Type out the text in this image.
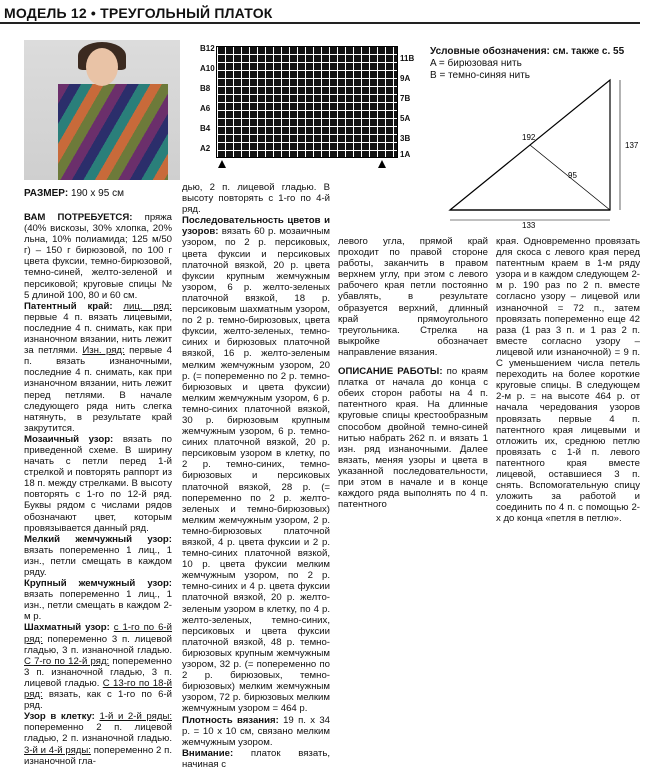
МОДЕЛЬ 12 • ТРЕУГОЛЬНЫЙ ПЛАТОК
B12
A10
B8
A6
B4
A2
11B
9A
7B
5A
3B
1A
Условные обозначения: см. также с. 55
A = бирюзовая нить
B = темно-синяя нить
192
137
95
133
РАЗМЕР: 190 x 95 см

ВАМ ПОТРЕБУЕТСЯ: пряжа (40% вискозы, 30% хлопка, 20% льна, 10% полиамида; 125 м/50 г) – 150 г бирюзовой, по 100 г цвета фуксии, темно-бирюзовой, темно-синей, желто-зеленой и персиковой; круговые спицы № 5 длиной 100, 80 и 60 см.

Патентный край: лиц. ряд: первые 4 п. вязать лицевыми, последние 4 п. снимать, как при изнаночном вязании, нить лежит за петлями. Изн. ряд: первые 4 п. вязать изнаночными, последние 4 п. снимать, как при изнаночном вязании, нить лежит перед петлями. В начале следующего ряда нить слегка натянуть, в результате край закрутится.

Мозаичный узор: вязать по приведенной схеме. В ширину начать с петли перед 1-й стрелкой и повторять раппорт из 18 п. между стрелками. В высоту повторять с 1-го по 12-й ряд. Буквы рядом с числами рядов обозначают цвет, которым провязывается данный ряд.

Мелкий жемчужный узор: вязать попеременно 1 лиц., 1 изн., петли смещать в каждом ряду.

Крупный жемчужный узор: вязать попеременно 1 лиц., 1 изн., петли смещать в каждом 2-м р.

Шахматный узор: с 1-го по 6-й ряд: попеременно 3 п. лицевой гладью, 3 п. изнаночной гладью. С 7-го по 12-й ряд: попеременно 3 п. изнаночной гладью, 3 п. лицевой гладью. С 13-го по 18-й ряд: вязать, как с 1-го по 6-й ряд.

Узор в клетку: 1-й и 2-й ряды: попеременно 2 п. лицевой гладью, 2 п. изнаночной гладью. 3-й и 4-й ряды: попеременно 2 п. изнаночной гла-

дью, 2 п. лицевой гладью. В высоту повторять с 1-го по 4-й ряд.

Последовательность цветов и узоров: вязать 60 р. мозаичным узором, по 2 р. персиковых, цвета фуксии и персиковых платочной вязкой, 20 р. цвета фуксии крупным жемчужным узором, 6 р. желто-зеленых платочной вязкой, 18 р. персиковым шахматным узором, по 2 р. темно-бирюзовых, цвета фуксии, желто-зеленых, темно-синих и бирюзовых платочной вязкой, 16 р. желто-зеленым мелким жемчужным узором, 20 р. (= попеременно по 2 р. темно-бирюзовых и цвета фуксии) мелким жемчужным узором, 6 р. темно-синих платочной вязкой, 30 р. бирюзовым крупным жемчужным узором, 6 р. темно-синих платочной вязкой, 20 р. персиковым узором в клетку, по 2 р. темно-синих, темно-бирюзовых и персиковых платочной вязкой, 28 р. (= попеременно по 2 р. желто-зеленых и темно-бирюзовых) мелким жемчужным узором, 2 р. темно-бирюзовых платочной вязкой, 4 р. цвета фуксии и 2 р. темно-синих платочной вязкой, 10 р. цвета фуксии мелким жемчужным узором, по 2 р. темно-синих и 4 р. цвета фуксии платочной вязкой, 20 р. желто-зеленым узором в клетку, по 4 р. желто-зеленых, темно-синих, персиковых и цвета фуксии платочной вязкой, 48 р. темно-бирюзовых крупным жемчужным узором, 32 р. (= попеременно по 2 р. бирюзовых, темно-бирюзовых) мелким жемчужным узором, 72 р. бирюзовых мелким жемчужным узором = 464 р.

Плотность вязания: 19 п. x 34 р. = 10 x 10 см, связано мелким жемчужным узором.

Внимание: платок вязать, начиная с

левого угла, прямой край проходит по правой стороне работы, заканчить в правом верхнем углу, при этом с левого рабочего края петли постоянно убавлять, в результате образуется верхний, длинный край прямоугольного треугольника. Стрелка на выкройке обозначает направление вязания.

ОПИСАНИЕ РАБОТЫ: по краям платка от начала до конца с обеих сторон работы на 4 п. патентного края. На длинные круговые спицы крестообразным способом двойной темно-синей нитью набрать 262 п. и вязать 1 изн. ряд изнаночными. Далее вязать, меняя узоры и цвета в указанной последовательности, при этом в начале и в конце каждого ряда выполнять по 4 п. патентного

края. Одновременно провязать для скоса с левого края перед патентным краем в 1-м ряду узора и в каждом следующем 2-м р. 190 раз по 2 п. вместе согласно узору – лицевой или изнаночной = 72 п., затем провязать попеременно еще 42 раза (1 раз 3 п. и 1 раз 2 п. вместе согласно узору – лицевой или изнаночной) = 9 п. С уменьшением числа петель переходить на более короткие круговые спицы. В следующем 2-м р. = на высоте 464 р. от начала чередования узоров провязать первые 4 п. патентного края лицевыми и отложить их, среднюю петлю провязать с 1-й п. левого патентного края вместе лицевой, оставшиеся 3 п. снять. Вспомогательную спицу уложить за работой и соединить по 4 п. с помощью 2-х до конца «петля в петлю».
